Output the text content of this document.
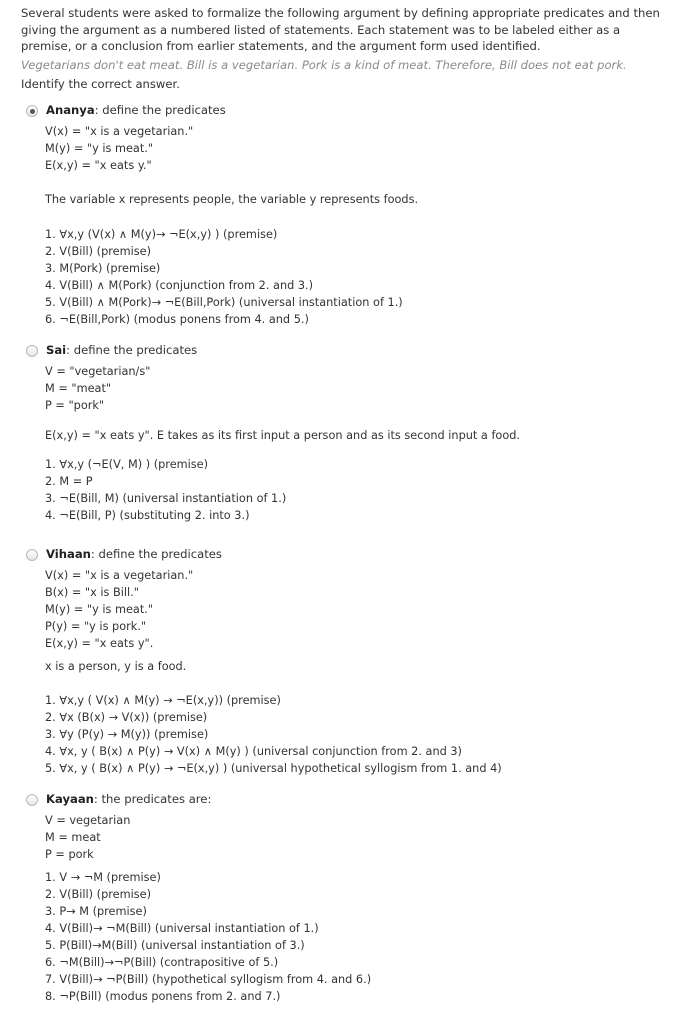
Several students were asked to formalize the following argument by defining appropriate predicates and then giving the argument as a numbered listed of statements. Each statement was to be labeled either as a premise, or a conclusion from earlier statements, and the argument form used identified.
Vegetarians don't eat meat. Bill is a vegetarian. Pork is a kind of meat. Therefore, Bill does not eat pork.
Identify the correct answer.
Ananya: define the predicates
V(x) = "x is a vegetarian."
M(y) = "y is meat."
E(x,y) = "x eats y."
The variable x represents people, the variable y represents foods.
1. ∀x,y (V(x) ∧ M(y)→ ¬E(x,y) ) (premise)
2. V(Bill) (premise)
3. M(Pork) (premise)
4. V(Bill) ∧ M(Pork) (conjunction from 2. and 3.)
5. V(Bill) ∧ M(Pork)→ ¬E(Bill,Pork) (universal instantiation of 1.)
6. ¬E(Bill,Pork) (modus ponens from 4. and 5.)
Sai: define the predicates
V = "vegetarian/s"
M = "meat"
P = "pork"
E(x,y) = "x eats y". E takes as its first input a person and as its second input a food.
1. ∀x,y (¬E(V, M) ) (premise)
2. M = P
3. ¬E(Bill, M) (universal instantiation of 1.)
4. ¬E(Bill, P) (substituting 2. into 3.)
Vihaan: define the predicates
V(x) = "x is a vegetarian."
B(x) = "x is Bill."
M(y) = "y is meat."
P(y) = "y is pork."
E(x,y) = "x eats y".
x is a person, y is a food.
1. ∀x,y ( V(x) ∧ M(y) → ¬E(x,y)) (premise)
2. ∀x (B(x) → V(x)) (premise)
3. ∀y (P(y) → M(y)) (premise)
4. ∀x, y ( B(x) ∧ P(y) → V(x) ∧ M(y) ) (universal conjunction from 2. and 3)
5. ∀x, y ( B(x) ∧ P(y) → ¬E(x,y) ) (universal hypothetical syllogism from 1. and 4)
Kayaan: the predicates are:
V = vegetarian
M = meat
P = pork
1. V → ¬M (premise)
2. V(Bill) (premise)
3. P→ M (premise)
4. V(Bill)→ ¬M(Bill) (universal instantiation of 1.)
5. P(Bill)→M(Bill) (universal instantiation of 3.)
6. ¬M(Bill)→¬P(Bill) (contrapositive of 5.)
7. V(Bill)→ ¬P(Bill) (hypothetical syllogism from 4. and 6.)
8. ¬P(Bill) (modus ponens from 2. and 7.)
